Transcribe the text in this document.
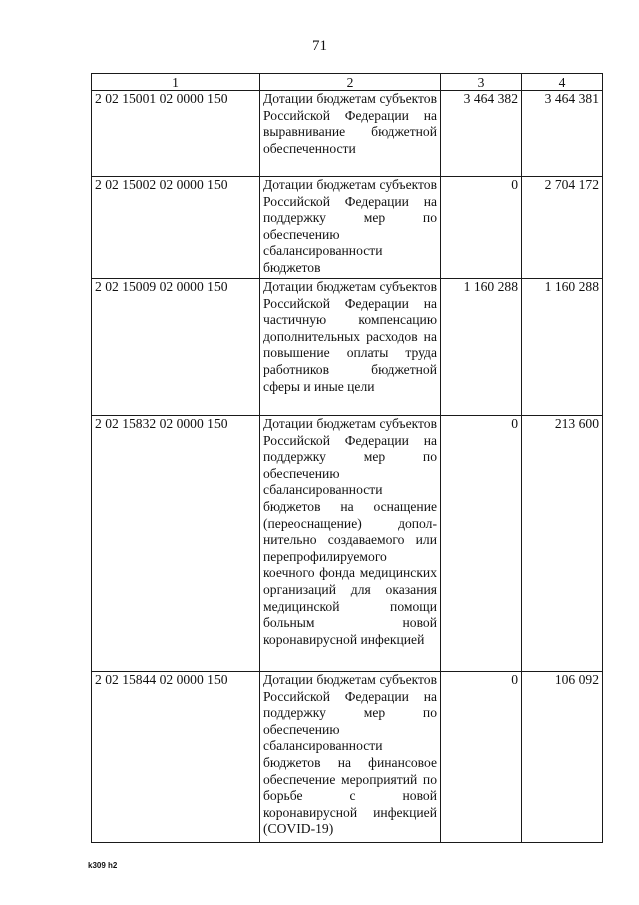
71
1	2	3	4
2 02 15001 02 0000 150	Дотации бюджетам субъектов Российской Федерации на выравнивание бюджетной обеспеченности	3 464 382	3 464 381
2 02 15002 02 0000 150	Дотации бюджетам субъектов Российской Федерации на поддержку мер по обеспечению сбалансированности бюджетов	0	2 704 172
2 02 15009 02 0000 150	Дотации бюджетам субъектов Российской Федерации на частичную компенсацию дополнительных расходов на повышение оплаты труда работников бюджетной сферы и иные цели	1 160 288	1 160 288
2 02 15832 02 0000 150	Дотации бюджетам субъектов Российской Федерации на поддержку мер по обеспечению сбалансированности бюджетов на оснащение (переоснащение) дополнительно создаваемого или перепрофилируемого коечного фонда медицинских организаций для оказания медицинской помощи больным новой коронавирусной инфекцией	0	213 600
2 02 15844 02 0000 150	Дотации бюджетам субъектов Российской Федерации на поддержку мер по обеспечению сбалансированности бюджетов на финансовое обеспечение мероприятий по борьбе с новой коронавирусной инфекцией (COVID-19)	0	106 092
k309 h2
